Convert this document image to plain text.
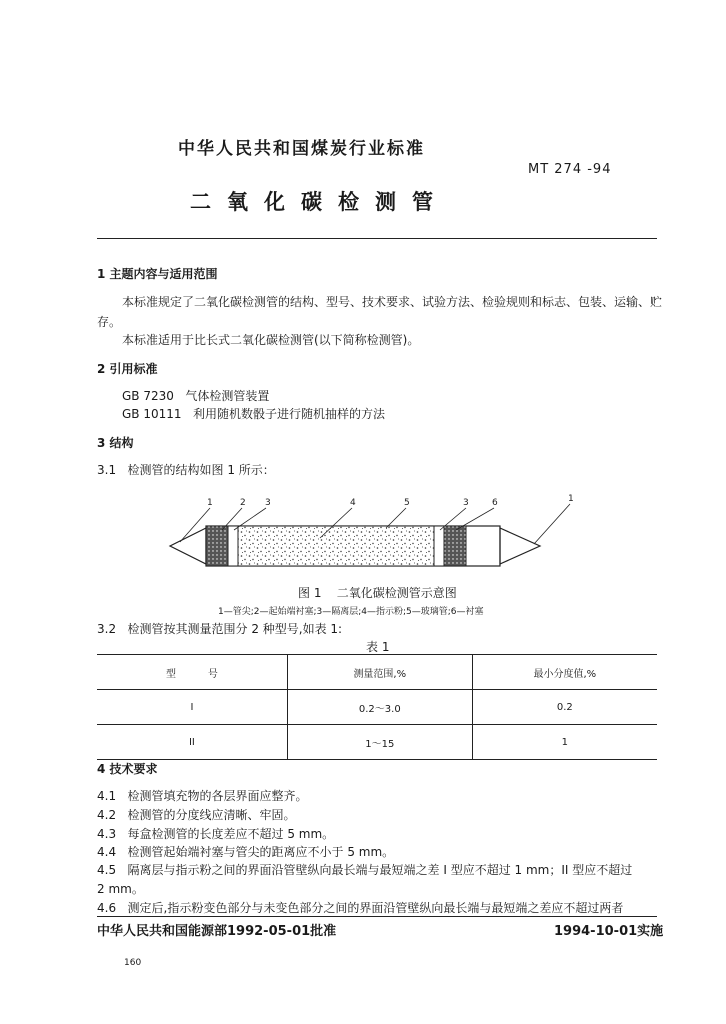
中华人民共和国煤炭行业标准
MT 274 -94
二氧化碳检测管
1 主题内容与适用范围
本标准规定了二氧化碳检测管的结构、型号、技术要求、试验方法、检验规则和标志、包装、运输、贮
存。
本标准适用于比长式二氧化碳检测管(以下简称检测管)。
2 引用标准
GB 7230   气体检测管装置
GB 10111   利用随机数骰子进行随机抽样的方法
3 结构
3.1   检测管的结构如图 1 所示：
1	2 3	4	5	3	6	1
图 1    二氧化碳检测管示意图
1—管尖;2—起始端衬塞;3—隔离层;4—指示粉;5—玻璃管;6—衬塞
3.2   检测管按其测量范围分 2 种型号,如表 1:
表 1
型          号	测量范围,%	最小分度值,%
I	0.2～3.0	0.2
II	1～15	1
4 技术要求
4.1   检测管填充物的各层界面应整齐。
4.2   检测管的分度线应清晰、牢固。
4.3   每盒检测管的长度差应不超过 5 mm。
4.4   检测管起始端衬塞与管尖的距离应不小于 5 mm。
4.5   隔离层与指示粉之间的界面沿管壁纵向最长端与最短端之差 I 型应不超过 1 mm；II 型应不超过
2 mm。
4.6   测定后,指示粉变色部分与未变色部分之间的界面沿管壁纵向最长端与最短端之差应不超过两者
中华人民共和国能源部1992-05-01批准	1994-10-01实施
160
